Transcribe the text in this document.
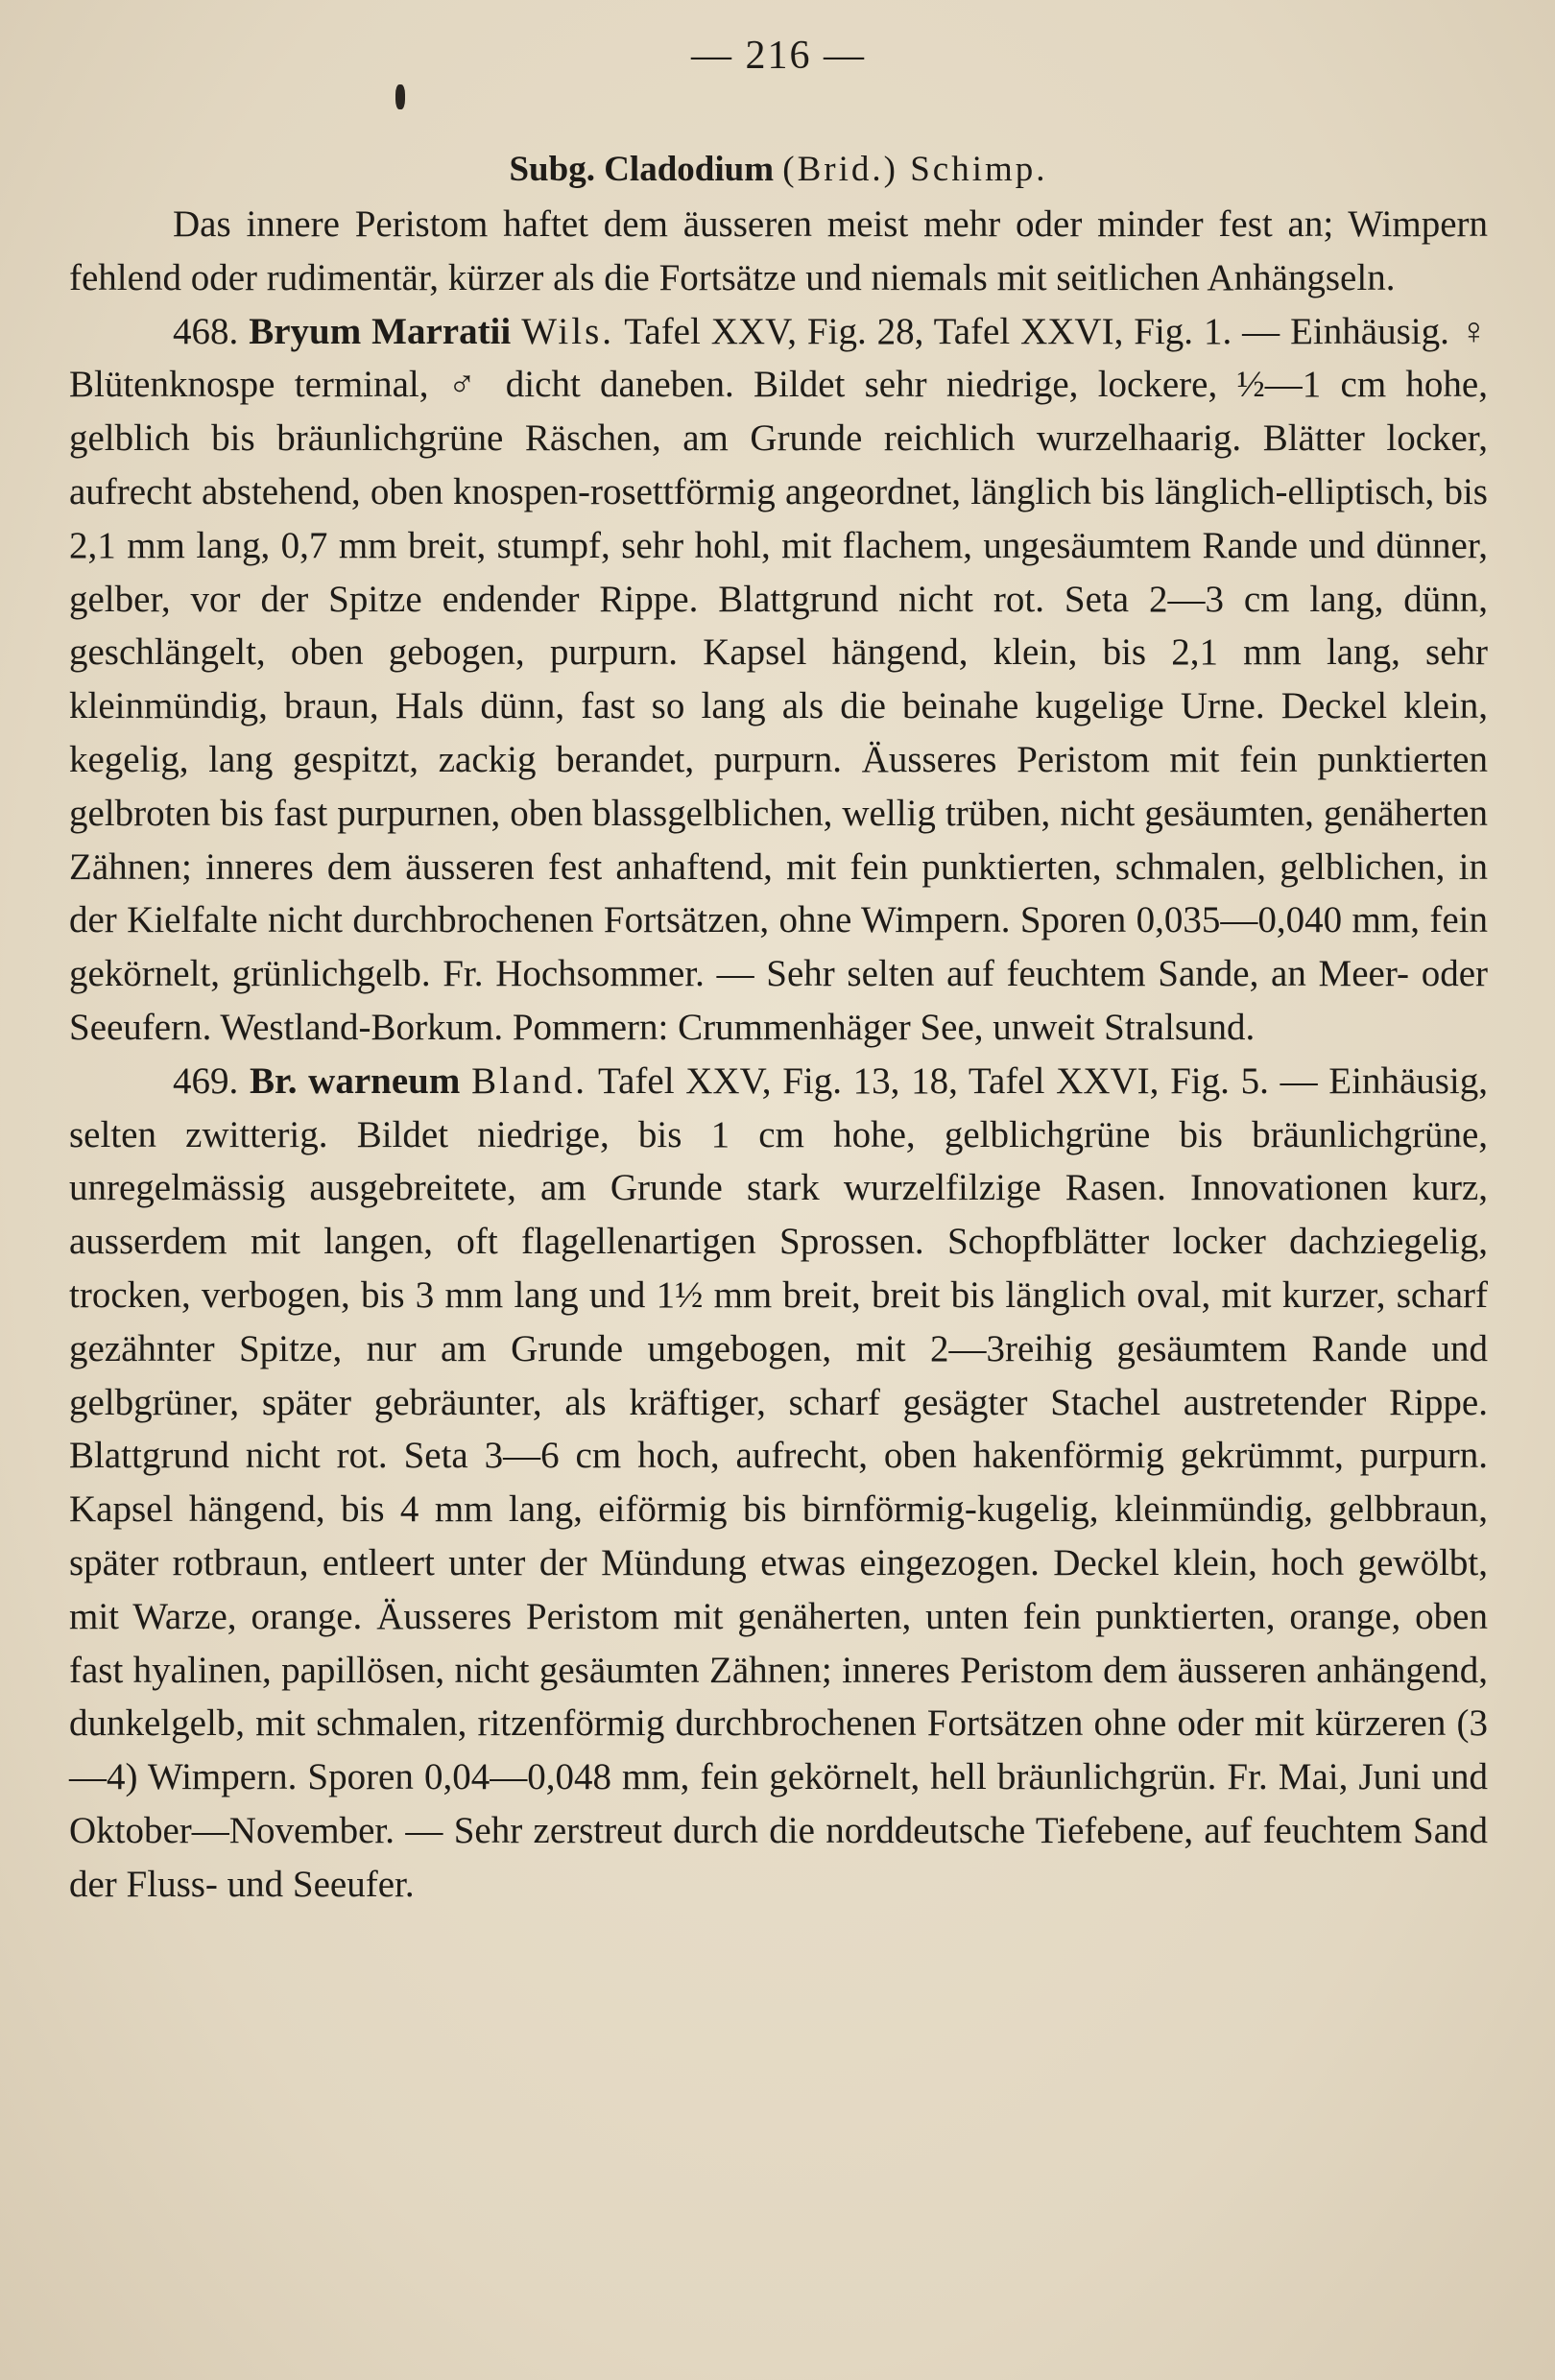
— 216 —
Subg. Cladodium (Brid.) Schimp.

Das innere Peristom haftet dem äusseren meist mehr oder minder fest an; Wimpern fehlend oder rudimentär, kürzer als die Fortsätze und niemals mit seitlichen Anhängseln.

468. Bryum Marratii Wils. Tafel XXV, Fig. 28, Tafel XXVI, Fig. 1. — Einhäusig. ♀ Blütenknospe terminal, ♂ dicht daneben. Bildet sehr niedrige, lockere, ½—1 cm hohe, gelblich bis bräunlichgrüne Räschen, am Grunde reichlich wurzelhaarig. Blätter locker, aufrecht abstehend, oben knospen-rosettförmig angeordnet, länglich bis länglich-elliptisch, bis 2,1 mm lang, 0,7 mm breit, stumpf, sehr hohl, mit flachem, ungesäumtem Rande und dünner, gelber, vor der Spitze endender Rippe. Blattgrund nicht rot. Seta 2—3 cm lang, dünn, geschlängelt, oben gebogen, purpurn. Kapsel hängend, klein, bis 2,1 mm lang, sehr kleinmündig, braun, Hals dünn, fast so lang als die beinahe kugelige Urne. Deckel klein, kegelig, lang gespitzt, zackig berandet, purpurn. Äusseres Peristom mit fein punktierten gelbroten bis fast purpurnen, oben blassgelblichen, wellig trüben, nicht gesäumten, genäherten Zähnen; inneres dem äusseren fest anhaftend, mit fein punktierten, schmalen, gelblichen, in der Kielfalte nicht durchbrochenen Fortsätzen, ohne Wimpern. Sporen 0,035—0,040 mm, fein gekörnelt, grünlichgelb. Fr. Hochsommer. — Sehr selten auf feuchtem Sande, an Meer- oder Seeufern. Westland-Borkum. Pommern: Crummenhäger See, unweit Stralsund.

469. Br. warneum Bland. Tafel XXV, Fig. 13, 18, Tafel XXVI, Fig. 5. — Einhäusig, selten zwitterig. Bildet niedrige, bis 1 cm hohe, gelblichgrüne bis bräunlichgrüne, unregelmässig ausgebreitete, am Grunde stark wurzelfilzige Rasen. Innovationen kurz, ausserdem mit langen, oft flagellenartigen Sprossen. Schopfblätter locker dachziegelig, trocken, verbogen, bis 3 mm lang und 1½ mm breit, breit bis länglich oval, mit kurzer, scharf gezähnter Spitze, nur am Grunde umgebogen, mit 2—3reihig gesäumtem Rande und gelbgrüner, später gebräunter, als kräftiger, scharf gesägter Stachel austretender Rippe. Blattgrund nicht rot. Seta 3—6 cm hoch, aufrecht, oben hakenförmig gekrümmt, purpurn. Kapsel hängend, bis 4 mm lang, eiförmig bis birnförmig-kugelig, kleinmündig, gelbbraun, später rotbraun, entleert unter der Mündung etwas eingezogen. Deckel klein, hoch gewölbt, mit Warze, orange. Äusseres Peristom mit genäherten, unten fein punktierten, orange, oben fast hyalinen, papillösen, nicht gesäumten Zähnen; inneres Peristom dem äusseren anhängend, dunkelgelb, mit schmalen, ritzenförmig durchbrochenen Fortsätzen ohne oder mit kürzeren (3—4) Wimpern. Sporen 0,04—0,048 mm, fein gekörnelt, hell bräunlichgrün. Fr. Mai, Juni und Oktober—November. — Sehr zerstreut durch die norddeutsche Tiefebene, auf feuchtem Sand der Fluss- und Seeufer.
